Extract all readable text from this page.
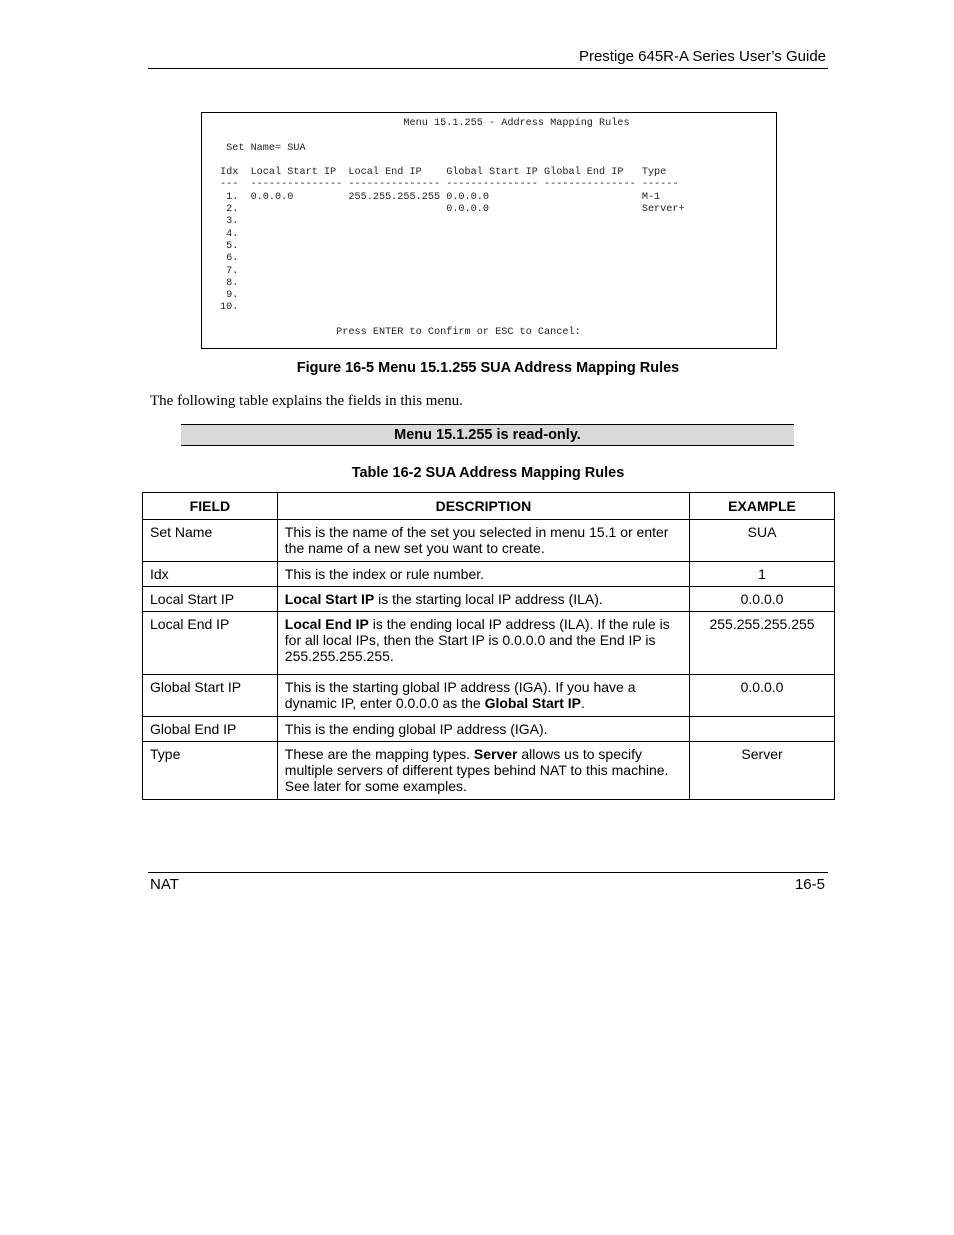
Prestige 645R-A Series User’s Guide
Menu 15.1.255 - Address Mapping Rules

Set Name= SUA

Idx  Local Start IP  Local End IP    Global Start IP Global End IP   Type
---  --------------- --------------- --------------- --------------- ------
1.  0.0.0.0         255.255.255.255 0.0.0.0                         M-1
2.                                  0.0.0.0                         Server+
3.
4.
5.
6.
7.
8.
9.
10.

Press ENTER to Confirm or ESC to Cancel:
Figure 16-5 Menu 15.1.255 SUA Address Mapping Rules
The following table explains the fields in this menu.
Menu 15.1.255 is read-only.
Table 16-2 SUA Address Mapping Rules
FIELD	DESCRIPTION	EXAMPLE
Set Name	This is the name of the set you selected in menu 15.1 or enter the name of a new set you want to create.	SUA
Idx	This is the index or rule number.	1
Local Start IP	Local Start IP is the starting local IP address (ILA).	0.0.0.0
Local End IP	Local End IP is the ending local IP address (ILA). If the rule is for all local IPs, then the Start IP is 0.0.0.0 and the End IP is 255.255.255.255.	255.255.255.255
Global Start IP	This is the starting global IP address (IGA). If you have a dynamic IP, enter 0.0.0.0 as the Global Start IP.	0.0.0.0
Global End IP	This is the ending global IP address (IGA).	
Type	These are the mapping types. Server allows us to specify multiple servers of different types behind NAT to this machine. See later for some examples.	Server
NAT	16-5
